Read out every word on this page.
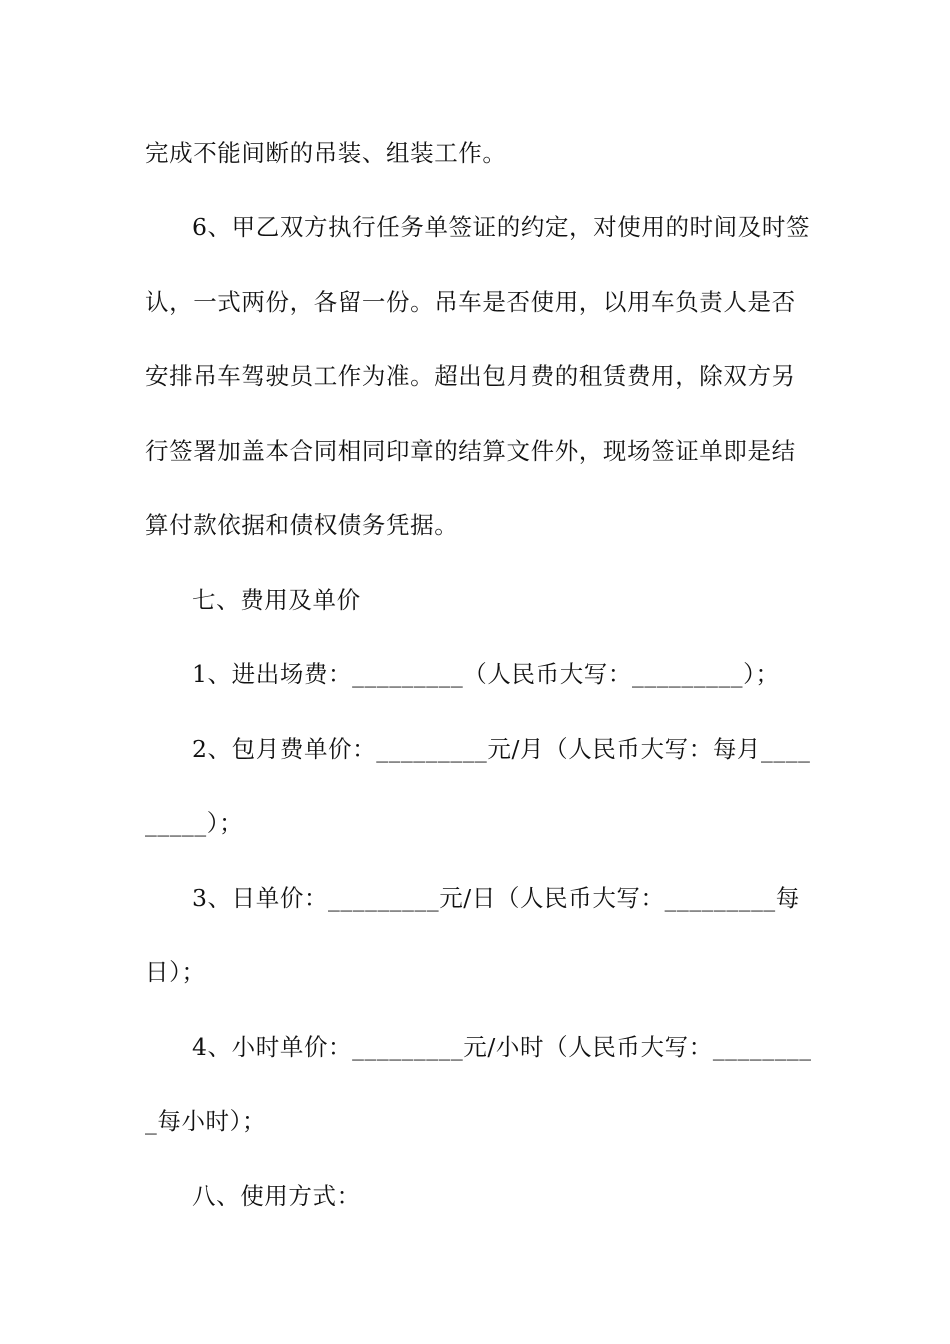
完成不能间断的吊装、组装工作。
6、甲乙双方执行任务单签证的约定，对使用的时间及时签
认，一式两份，各留一份。吊车是否使用，以用车负责人是否
安排吊车驾驶员工作为准。超出包月费的租赁费用，除双方另
行签署加盖本合同相同印章的结算文件外，现场签证单即是结
算付款依据和债权债务凭据。
七、费用及单价
1、进出场费：_________（人民币大写：_________）；
2、包月费单价：_________元/月（人民币大写：每月____
_____）；
3、日单价：_________元/日（人民币大写：_________每
日）；
4、小时单价：_________元/小时（人民币大写：________
_每小时）；
八、使用方式：
